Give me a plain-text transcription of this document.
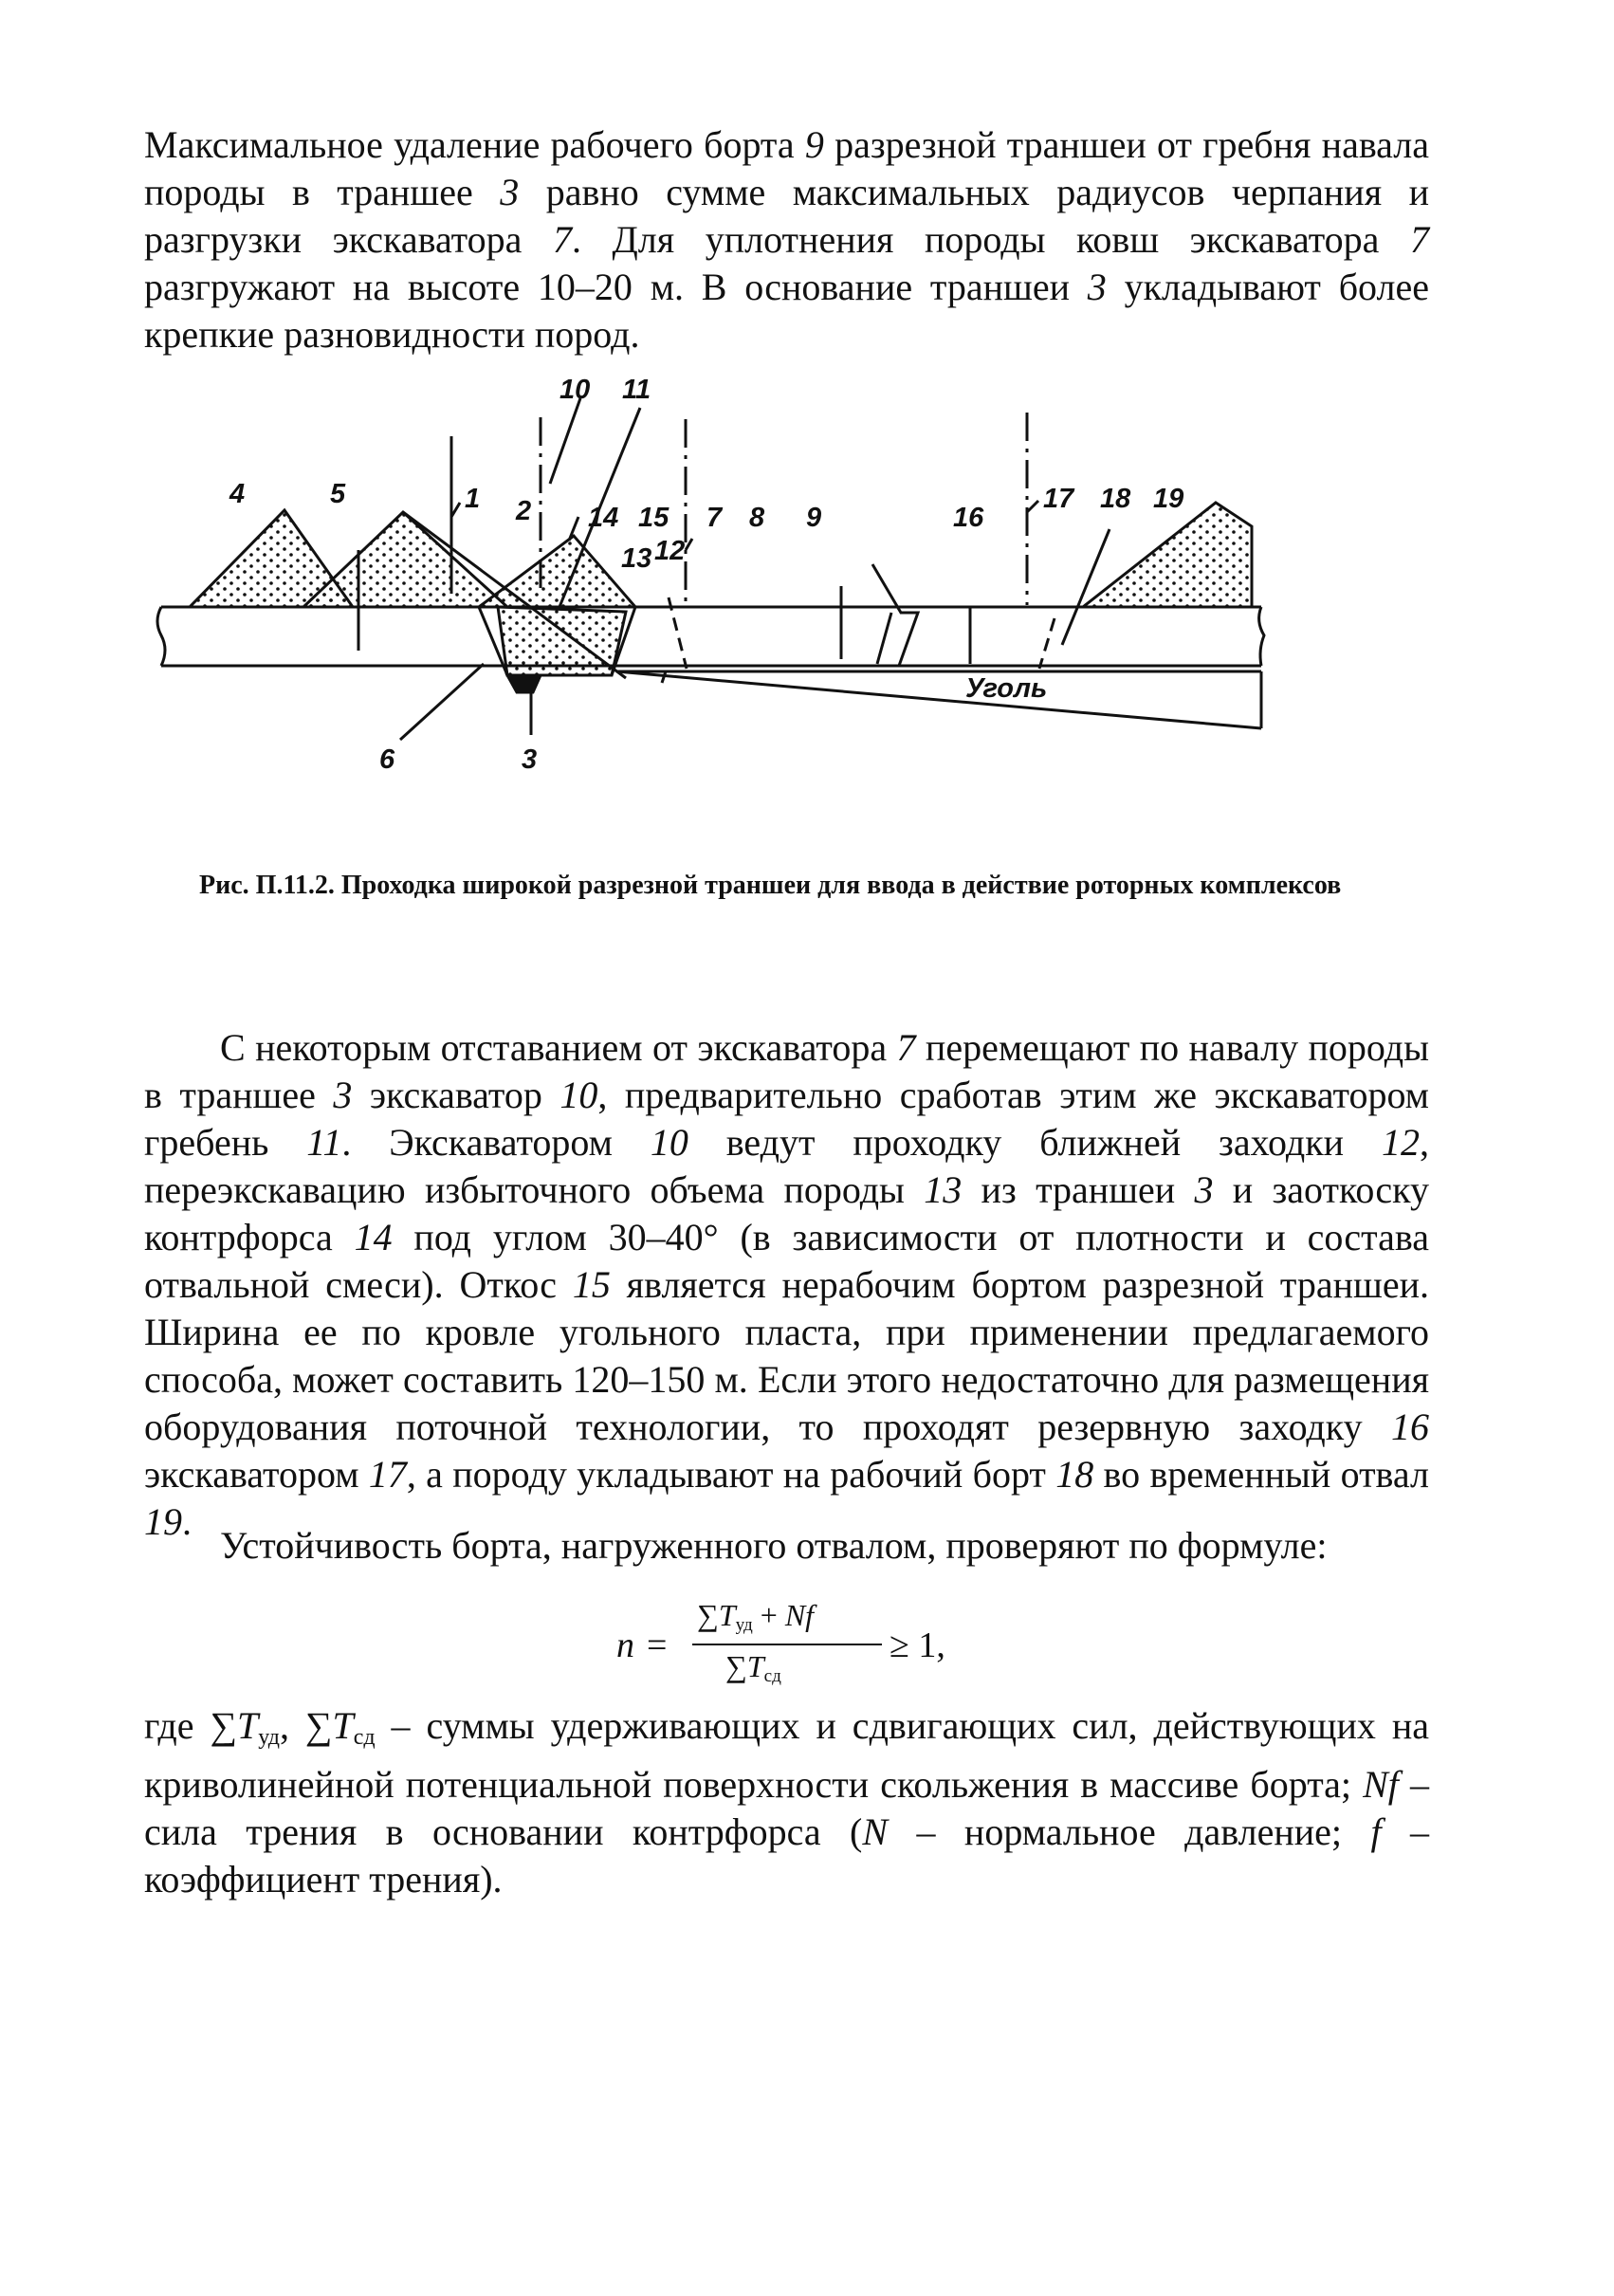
Максимальное удаление рабочего борта 9 разрезной траншеи от гребня навала породы в траншее 3 равно сумме максимальных радиусов черпания и разгрузки экскаватора 7. Для уплотнения породы ковш экскаватора 7 разгружают на высоте 10–20 м. В основание траншеи 3 укладывают более крепкие разновидности пород.

4	5	1 2
10 11
14 15
13 12
7 8 9	16
17 18 19
6	3
Уголь

Рис. П.11.2. Проходка широкой разрезной траншеи для ввода в действие роторных комплексов

С некоторым отставанием от экскаватора 7 перемещают по навалу породы в траншее 3 экскаватор 10, предварительно сработав этим же экскаватором гребень 11. Экскаватором 10 ведут проходку ближней заходки 12, переэкскавацию избыточного объема породы 13 из траншеи 3 и заоткоску контрфорса 14 под углом 30–40° (в зависимости от плотности и состава отвальной смеси). Откос 15 является нерабочим бортом разрезной траншеи. Ширина ее по кровле угольного пласта, при применении предлагаемого способа, может составить 120–150 м. Если этого недостаточно для размещения оборудования поточной технологии, то проходят резервную заходку 16 экскаватором 17, а породу укладывают на рабочий борт 18 во временный отвал 19.

Устойчивость борта, нагруженного отвалом, проверяют по формуле:

n =
$\sum T_{уд} + Nf$
$\sum T_{сд}$
≥ 1,

где $\sum T_{уд}$, $\sum T_{сд}$ – суммы удерживающих и сдвигающих сил, действующих на криволинейной потенциальной поверхности скольжения в массиве борта; Nf – сила трения в основании контрфорса (N – нормальное давление; f – коэффициент трения).
